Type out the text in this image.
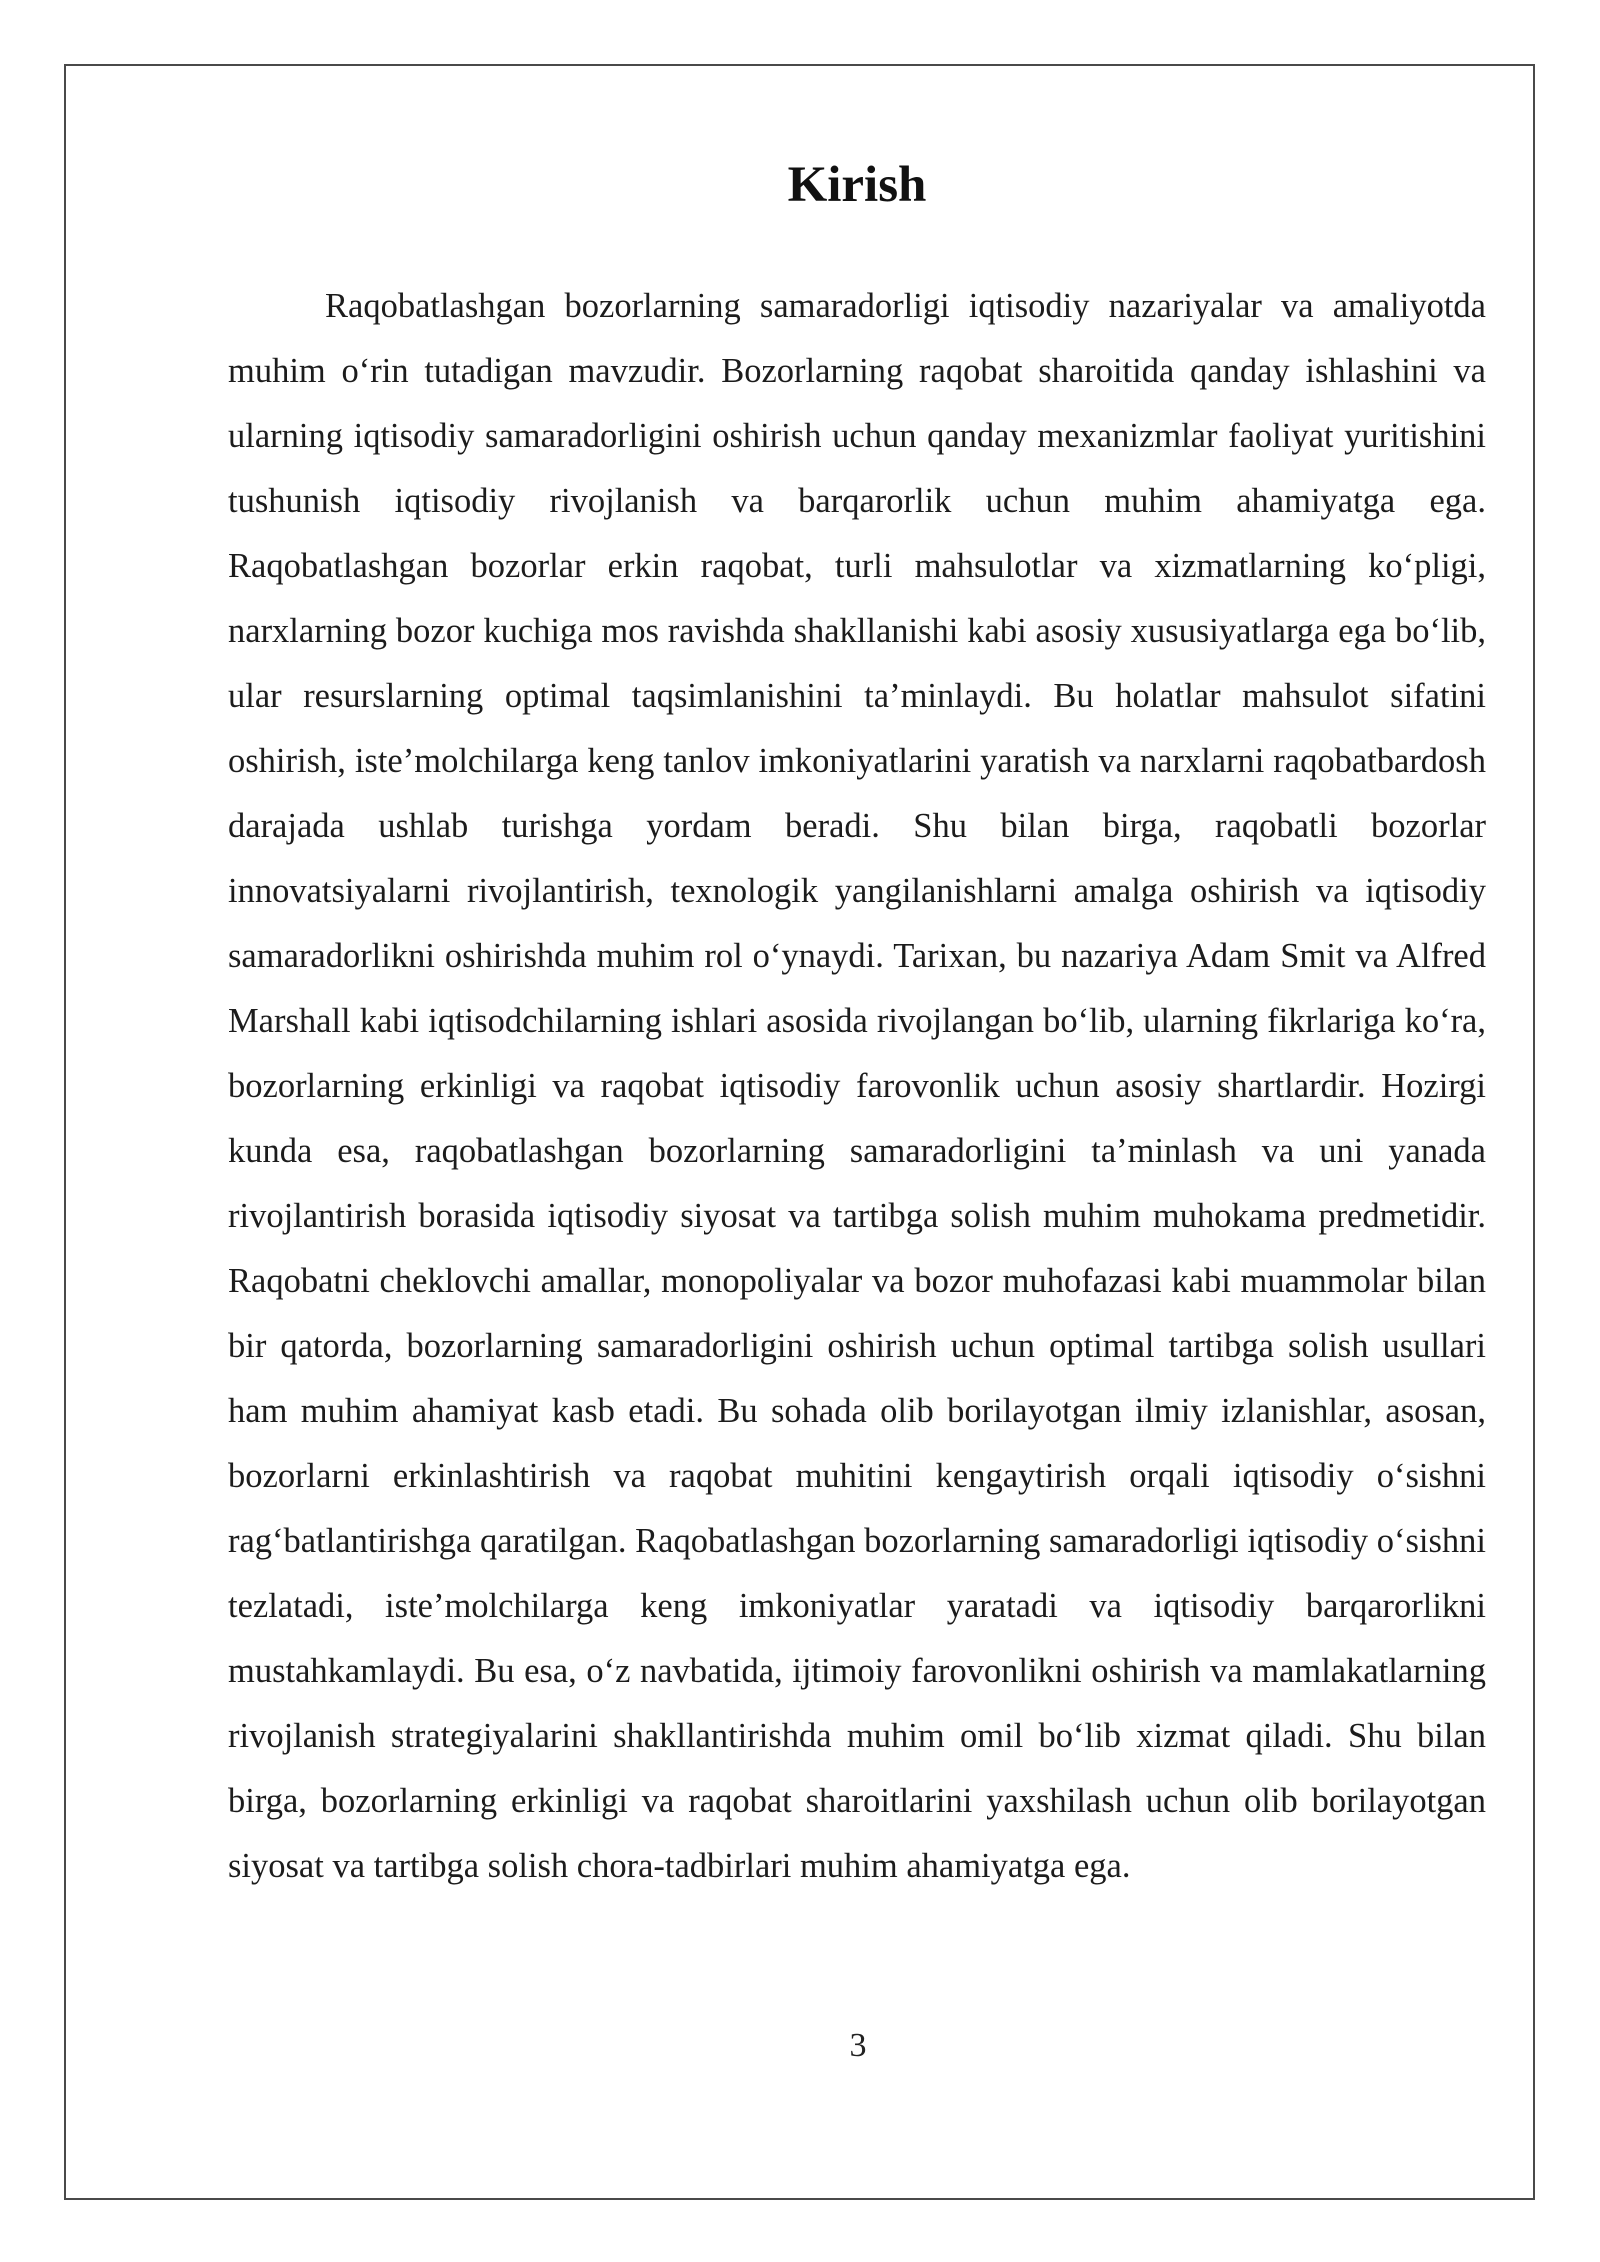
Kirish

Raqobatlashgan bozorlarning samaradorligi iqtisodiy nazariyalar va amaliyotda muhim o‘rin tutadigan mavzudir. Bozorlarning raqobat sharoitida qanday ishlashini va ularning iqtisodiy samaradorligini oshirish uchun qanday mexanizmlar faoliyat yuritishini tushunish iqtisodiy rivojlanish va barqarorlik uchun muhim ahamiyatga ega. Raqobatlashgan bozorlar erkin raqobat, turli mahsulotlar va xizmatlarning ko‘pligi, narxlarning bozor kuchiga mos ravishda shakllanishi kabi asosiy xususiyatlarga ega bo‘lib, ular resurslarning optimal taqsimlanishini ta’minlaydi. Bu holatlar mahsulot sifatini oshirish, iste’molchilarga keng tanlov imkoniyatlarini yaratish va narxlarni raqobatbardosh darajada ushlab turishga yordam beradi. Shu bilan birga, raqobatli bozorlar innovatsiyalarni rivojlantirish, texnologik yangilanishlarni amalga oshirish va iqtisodiy samaradorlikni oshirishda muhim rol o‘ynaydi. Tarixan, bu nazariya Adam Smit va Alfred Marshall kabi iqtisodchilarning ishlari asosida rivojlangan bo‘lib, ularning fikrlariga ko‘ra, bozorlarning erkinligi va raqobat iqtisodiy farovonlik uchun asosiy shartlardir. Hozirgi kunda esa, raqobatlashgan bozorlarning samaradorligini ta’minlash va uni yanada rivojlantirish borasida iqtisodiy siyosat va tartibga solish muhim muhokama predmetidir. Raqobatni cheklovchi amallar, monopoliyalar va bozor muhofazasi kabi muammolar bilan bir qatorda, bozorlarning samaradorligini oshirish uchun optimal tartibga solish usullari ham muhim ahamiyat kasb etadi. Bu sohada olib borilayotgan ilmiy izlanishlar, asosan, bozorlarni erkinlashtirish va raqobat muhitini kengaytirish orqali iqtisodiy o‘sishni rag‘batlantirishga qaratilgan. Raqobatlashgan bozorlarning samaradorligi iqtisodiy o‘sishni tezlatadi, iste’molchilarga keng imkoniyatlar yaratadi va iqtisodiy barqarorlikni mustahkamlaydi. Bu esa, o‘z navbatida, ijtimoiy farovonlikni oshirish va mamlakatlarning rivojlanish strategiyalarini shakllantirishda muhim omil bo‘lib xizmat qiladi. Shu bilan birga, bozorlarning erkinligi va raqobat sharoitlarini yaxshilash uchun olib borilayotgan siyosat va tartibga solish chora-tadbirlari muhim ahamiyatga ega.

3
